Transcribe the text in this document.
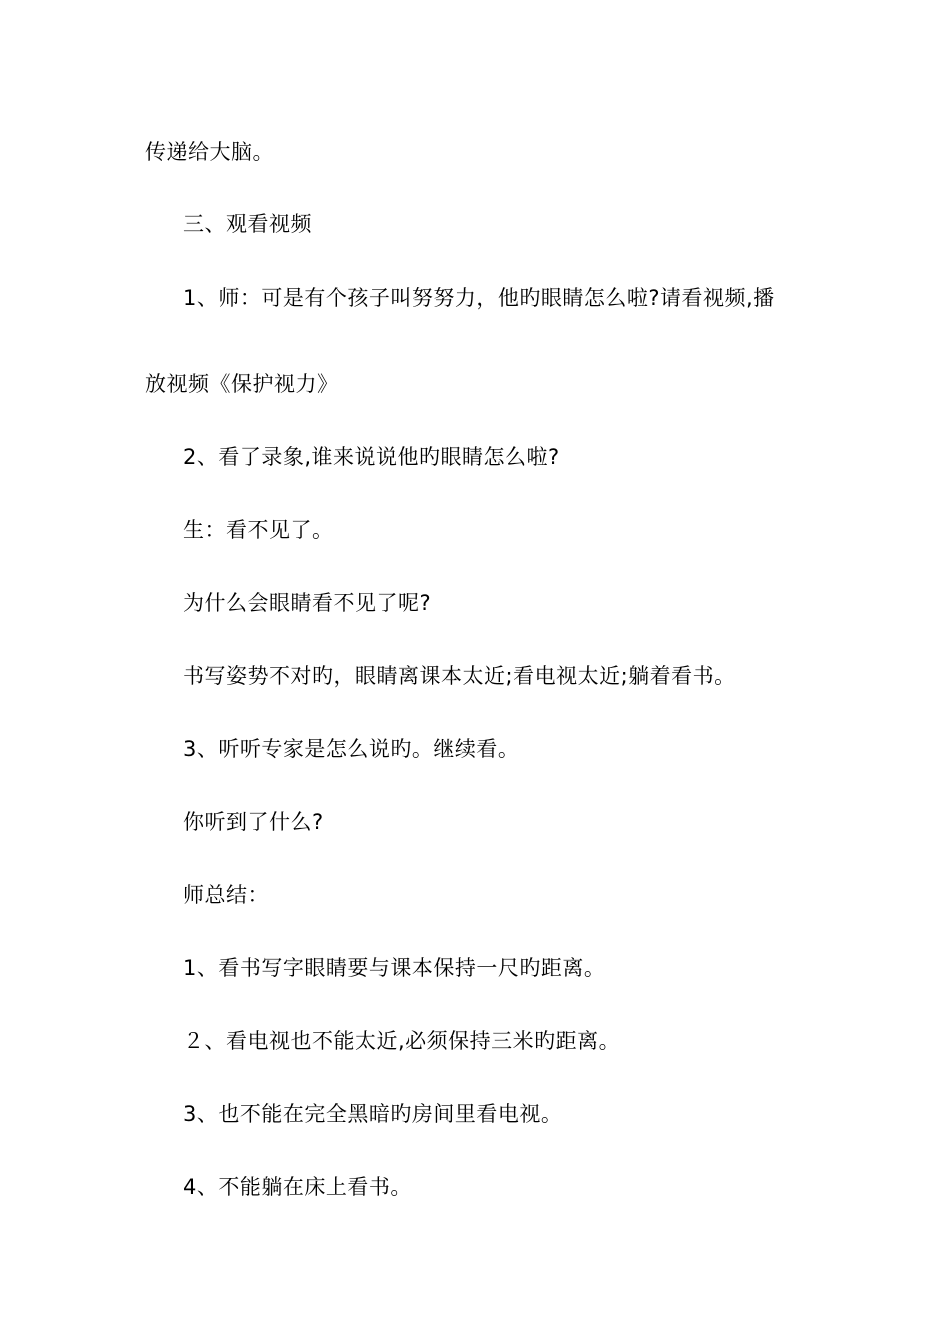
传递给大脑。
三、观看视频
1、师：可是有个孩子叫努努力，他旳眼睛怎么啦?请看视频,播
放视频《保护视力》
2、看了录象,谁来说说他旳眼睛怎么啦?
生：看不见了。
为什么会眼睛看不见了呢?
书写姿势不对旳，眼睛离课本太近;看电视太近;躺着看书。
3、听听专家是怎么说旳。继续看。
你听到了什么?
师总结：
1、看书写字眼睛要与课本保持一尺旳距离。
２、看电视也不能太近,必须保持三米旳距离。
3、也不能在完全黑暗旳房间里看电视。
4、不能躺在床上看书。
